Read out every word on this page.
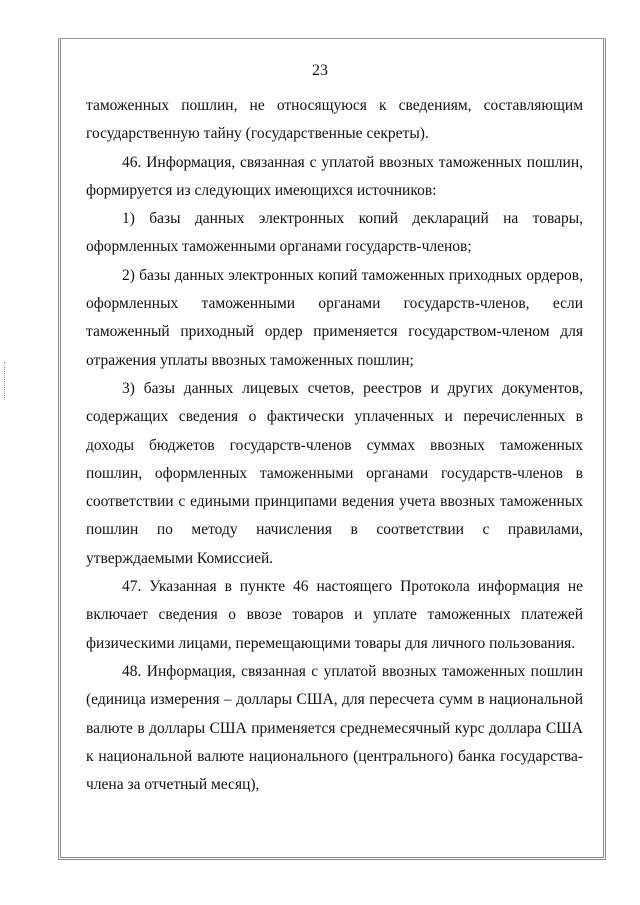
23

таможенных пошлин, не относящуюся к сведениям, составляющим государственную тайну (государственные секреты).

46. Информация, связанная с уплатой ввозных таможенных пошлин, формируется из следующих имеющихся источников:

1) базы данных электронных копий деклараций на товары, оформленных таможенными органами государств-членов;

2) базы данных электронных копий таможенных приходных ордеров, оформленных таможенными органами государств-членов, если таможенный приходный ордер применяется государством-членом для отражения уплаты ввозных таможенных пошлин;

3) базы данных лицевых счетов, реестров и других документов, содержащих сведения о фактически уплаченных и перечисленных в доходы бюджетов государств-членов суммах ввозных таможенных пошлин, оформленных таможенными органами государств-членов в соответствии с едиными принципами ведения учета ввозных таможенных пошлин по методу начисления в соответствии с правилами, утверждаемыми Комиссией.

47. Указанная в пункте 46 настоящего Протокола информация не включает сведения о ввозе товаров и уплате таможенных платежей физическими лицами, перемещающими товары для личного пользования.

48. Информация, связанная с уплатой ввозных таможенных пошлин (единица измерения – доллары США, для пересчета сумм в национальной валюте в доллары США применяется среднемесячный курс доллара США к национальной валюте национального (центрального) банка государства-члена за отчетный месяц),
